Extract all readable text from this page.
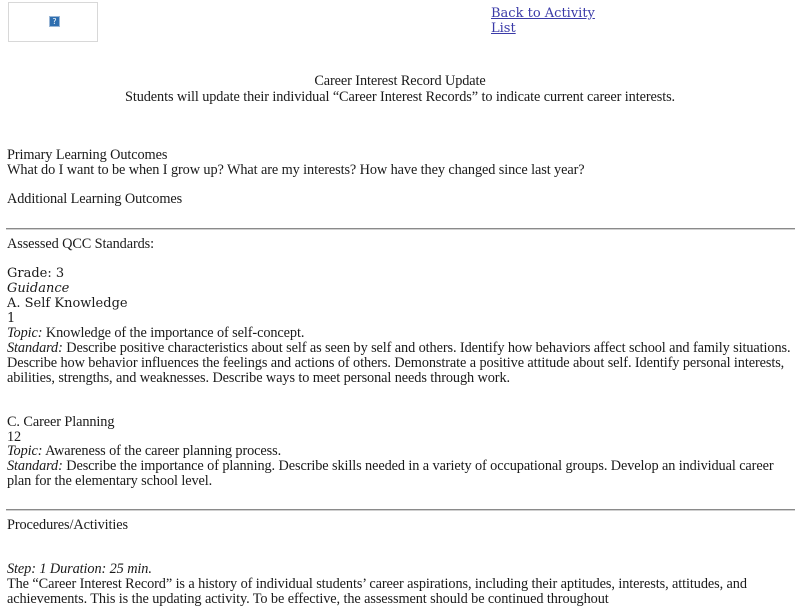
?
Back to Activity List
Career Interest Record Update
Students will update their individual “Career Interest Records” to indicate current career interests.
Primary Learning Outcomes
What do I want to be when I grow up? What are my interests? How have they changed since last year?
Additional Learning Outcomes
Assessed QCC Standards:
Grade: 3
Guidance
A. Self Knowledge
1
Topic: Knowledge of the importance of self-concept.
Standard: Describe positive characteristics about self as seen by self and others. Identify how behaviors affect school and family situations. Describe how behavior influences the feelings and actions of others. Demonstrate a positive attitude about self. Identify personal interests, abilities, strengths, and weaknesses. Describe ways to meet personal needs through work.
C. Career Planning
12
Topic: Awareness of the career planning process.
Standard: Describe the importance of planning. Describe skills needed in a variety of occupational groups. Develop an individual career plan for the elementary school level.
Procedures/Activities
Step: 1 Duration: 25 min.
The “Career Interest Record” is a history of individual students’ career aspirations, including their aptitudes, interests, attitudes, and achievements. This is the updating activity. To be effective, the assessment should be continued throughout
